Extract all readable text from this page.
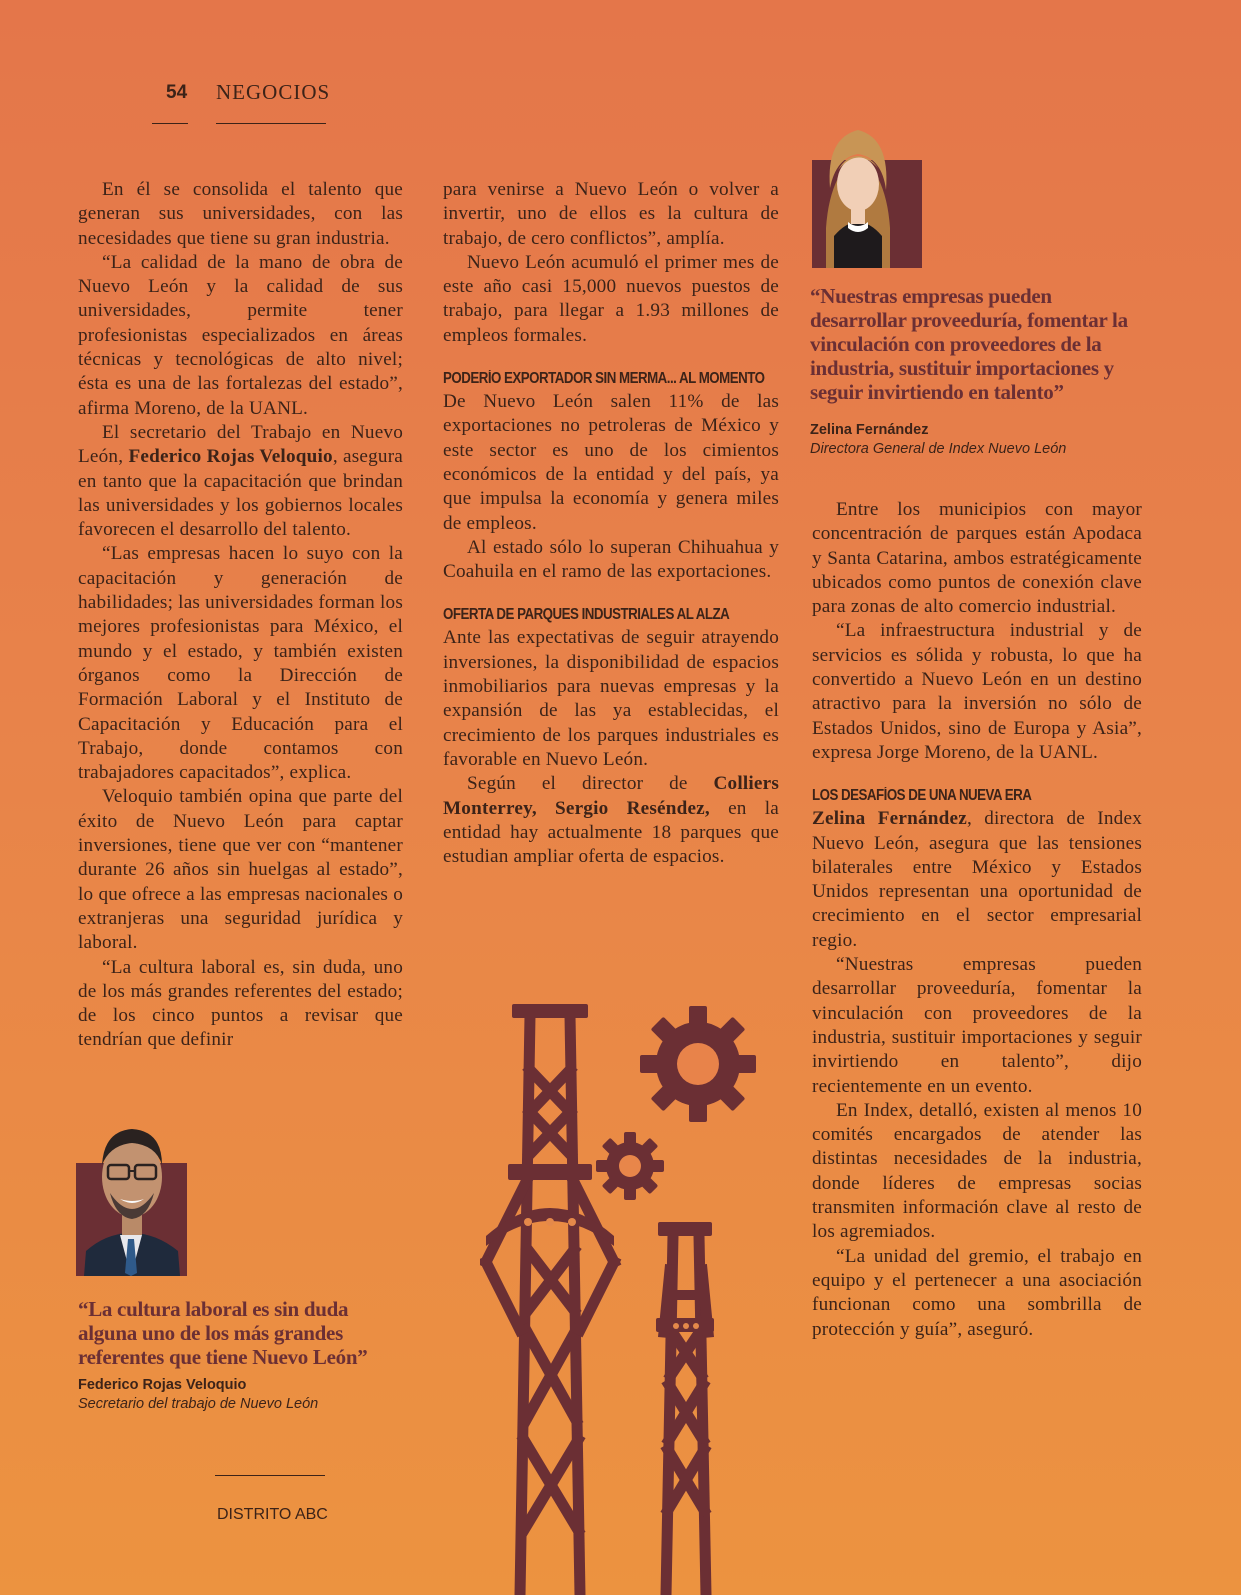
54 NEGOCIOS

En él se consolida el talento que generan sus universidades, con las necesidades que tiene su gran industria.

“La calidad de la mano de obra de Nuevo León y la calidad de sus universidades, permite tener profesionistas especializados en áreas técnicas y tecnológicas de alto nivel; ésta es una de las fortalezas del estado”, afirma Moreno, de la UANL.

El secretario del Trabajo en Nuevo León, Federico Rojas Veloquio, asegura en tanto que la capacitación que brindan las universidades y los gobiernos locales favorecen el desarrollo del talento.

“Las empresas hacen lo suyo con la capacitación y generación de habilidades; las universidades forman los mejores profesionistas para México, el mundo y el estado, y también existen órganos como la Dirección de Formación Laboral y el Instituto de Capacitación y Educación para el Trabajo, donde contamos con trabajadores capacitados”, explica.

Veloquio también opina que parte del éxito de Nuevo León para captar inversiones, tiene que ver con “mantener durante 26 años sin huelgas al estado”, lo que ofrece a las empresas nacionales o extranjeras una seguridad jurídica y laboral.

“La cultura laboral es, sin duda, uno de los más grandes referentes del estado; de los cinco puntos a revisar que tendrían que definir

para venirse a Nuevo León o volver a invertir, uno de ellos es la cultura de trabajo, de cero conflictos”, amplía.

Nuevo León acumuló el primer mes de este año casi 15,000 nuevos puestos de trabajo, para llegar a 1.93 millones de empleos formales.

PODERÍO EXPORTADOR SIN MERMA... AL MOMENTO

De Nuevo León salen 11% de las exportaciones no petroleras de México y este sector es uno de los cimientos económicos de la entidad y del país, ya que impulsa la economía y genera miles de empleos.

Al estado sólo lo superan Chihuahua y Coahuila en el ramo de las exportaciones.

OFERTA DE PARQUES INDUSTRIALES AL ALZA

Ante las expectativas de seguir atrayendo inversiones, la disponibilidad de espacios inmobiliarios para nuevas empresas y la expansión de las ya establecidas, el crecimiento de los parques industriales es favorable en Nuevo León.

Según el director de Colliers Monterrey, Sergio Reséndez, en la entidad hay actualmente 18 parques que estudian ampliar oferta de espacios.

Entre los municipios con mayor concentración de parques están Apodaca y Santa Catarina, ambos estratégicamente ubicados como puntos de conexión clave para zonas de alto comercio industrial.

“La infraestructura industrial y de servicios es sólida y robusta, lo que ha convertido a Nuevo León en un destino atractivo para la inversión no sólo de Estados Unidos, sino de Europa y Asia”, expresa Jorge Moreno, de la UANL.

LOS DESAFÍOS DE UNA NUEVA ERA

Zelina Fernández, directora de Index Nuevo León, asegura que las tensiones bilaterales entre México y Estados Unidos representan una oportunidad de crecimiento en el sector empresarial regio.

“Nuestras empresas pueden desarrollar proveeduría, fomentar la vinculación con proveedores de la industria, sustituir importaciones y seguir invirtiendo en talento”, dijo recientemente en un evento.

En Index, detalló, existen al menos 10 comités encargados de atender las distintas necesidades de la industria, donde líderes de empresas socias transmiten información clave al resto de los agremiados.

“La unidad del gremio, el trabajo en equipo y el pertenecer a una asociación funcionan como una sombrilla de protección y guía”, aseguró.

“Nuestras empresas pueden desarrollar proveeduría, fomentar la vinculación con proveedores de la industria, sustituir importaciones y seguir invirtiendo en talento”
Zelina Fernández
Directora General de Index Nuevo León
“La cultura laboral es sin duda alguna uno de los más grandes referentes que tiene Nuevo León”
Federico Rojas Veloquio
Secretario del trabajo de Nuevo León
DISTRITO ABC
